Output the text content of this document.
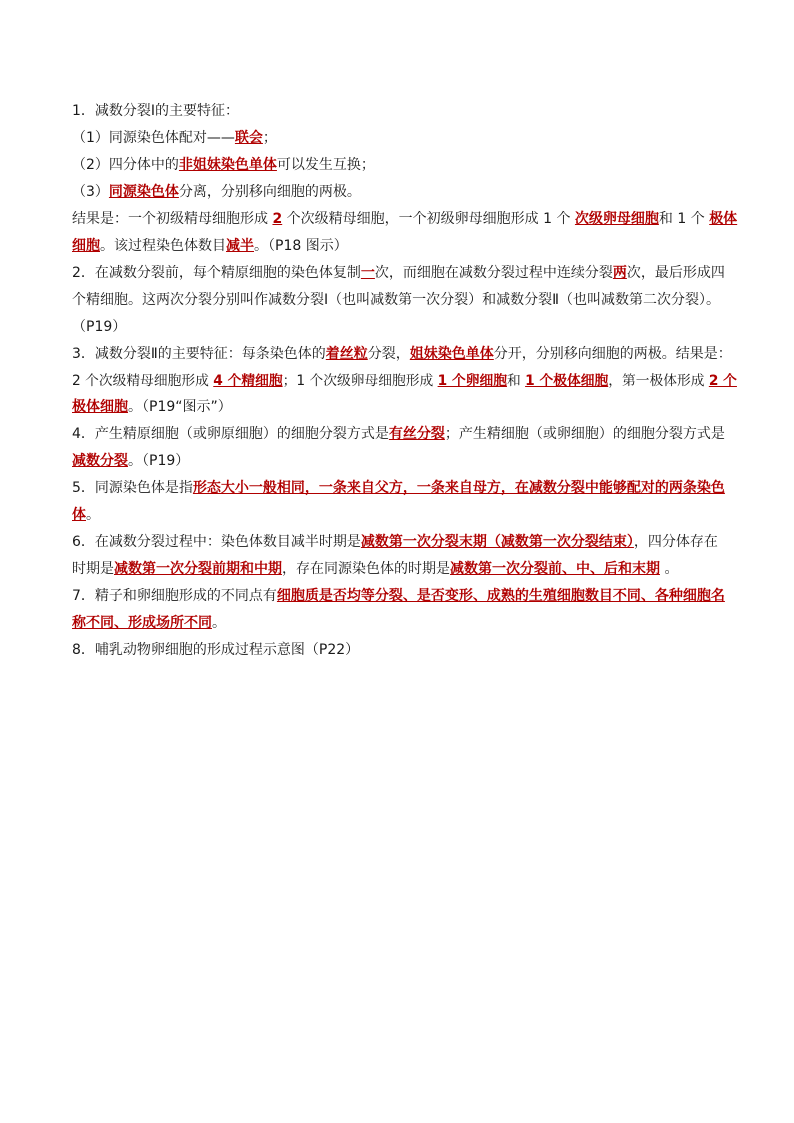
1．减数分裂Ⅰ的主要特征：
（1）同源染色体配对——联会；
（2）四分体中的非姐妹染色单体可以发生互换；
（3）同源染色体分离，分别移向细胞的两极。
结果是：一个初级精母细胞形成 2 个次级精母细胞，一个初级卵母细胞形成 1 个 次级卵母细胞和 1 个 极体
细胞。该过程染色体数目减半。（P18 图示）
2．在减数分裂前，每个精原细胞的染色体复制一次，而细胞在减数分裂过程中连续分裂两次，最后形成四
个精细胞。这两次分裂分别叫作减数分裂Ⅰ（也叫减数第一次分裂）和减数分裂Ⅱ（也叫减数第二次分裂）。
（P19）
3．减数分裂Ⅱ的主要特征：每条染色体的着丝粒分裂，姐妹染色单体分开，分别移向细胞的两极。结果是：
2 个次级精母细胞形成 4 个精细胞；1 个次级卵母细胞形成 1 个卵细胞和 1 个极体细胞，第一极体形成 2 个
极体细胞。（P19“图示”）
4．产生精原细胞（或卵原细胞）的细胞分裂方式是有丝分裂；产生精细胞（或卵细胞）的细胞分裂方式是
减数分裂。（P19）
5．同源染色体是指形态大小一般相同，一条来自父方，一条来自母方，在减数分裂中能够配对的两条染色
体。
6．在减数分裂过程中：染色体数目减半时期是减数第一次分裂末期（减数第一次分裂结束），四分体存在
时期是减数第一次分裂前期和中期，存在同源染色体的时期是减数第一次分裂前、中、后和末期 。
7．精子和卵细胞形成的不同点有细胞质是否均等分裂、是否变形、成熟的生殖细胞数目不同、各种细胞名
称不同、形成场所不同。
8．哺乳动物卵细胞的形成过程示意图（P22）
